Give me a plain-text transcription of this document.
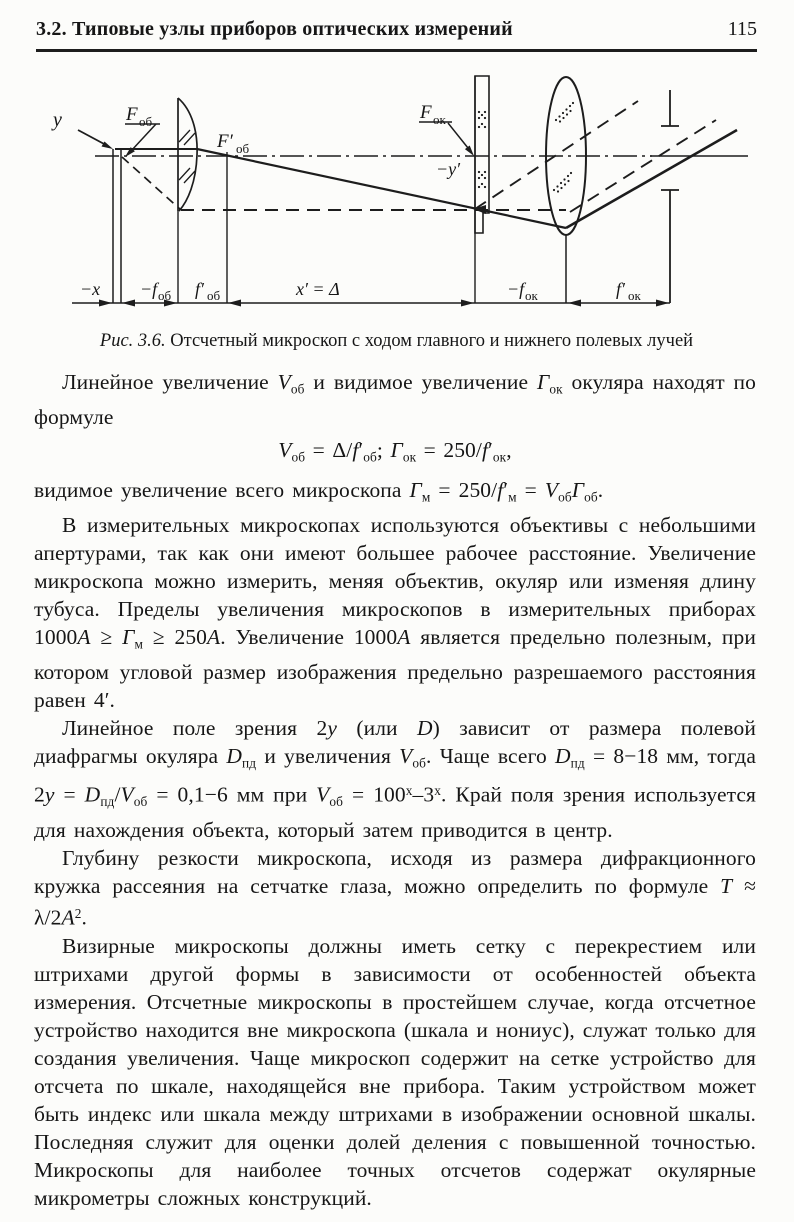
3.2. Типовые узлы приборов оптических измерений	115
y	F об
F′ об
F ок
−y′
−x −f об f′ об	x′ = Δ	−f ок	f′ ок
Рис. 3.6. Отсчетный микроскоп с ходом главного и нижнего полевых лучей

Линейное увеличение Vоб и видимое увеличение Гок окуляра находят по формуле

Vоб = Δ/f′об; Гок = 250/f′ок,

видимое увеличение всего микроскопа Гм = 250/f′м = VобГоб.

В измерительных микроскопах используются объективы с небольшими апертурами, так как они имеют большее рабочее расстояние. Увеличение микроскопа можно измерить, меняя объектив, окуляр или изменяя длину тубуса. Пределы увеличения микроскопов в измерительных приборах 1000A ≥ Гм ≥ 250A. Увеличение 1000A является предельно полезным, при котором угловой размер изображения предельно разрешаемого расстояния равен 4′.

Линейное поле зрения 2y (или D) зависит от размера полевой диафрагмы окуляра Dпд и увеличения Vоб. Чаще всего Dпд = 8−18 мм, тогда 2y = Dпд/Vоб = 0,1−6 мм при Vоб = $100^х-3^х$. Край поля зрения используется для нахождения объекта, который затем приводится в центр.

Глубину резкости микроскопа, исходя из размера дифракционного кружка рассеяния на сетчатке глаза, можно определить по формуле $T \approx \lambda/2A^2$.

Визирные микроскопы должны иметь сетку с перекрестием или штрихами другой формы в зависимости от особенностей объекта измерения. Отсчетные микроскопы в простейшем случае, когда отсчетное устройство находится вне микроскопа (шкала и нониус), служат только для создания увеличения. Чаще микроскоп содержит на сетке устройство для отсчета по шкале, находящейся вне прибора. Таким устройством может быть индекс или шкала между штрихами в изображении основной шкалы. Последняя служит для оценки долей деления с повышенной точностью. Микроскопы для наиболее точных отсчетов содержат окулярные микрометры сложных конструкций.
